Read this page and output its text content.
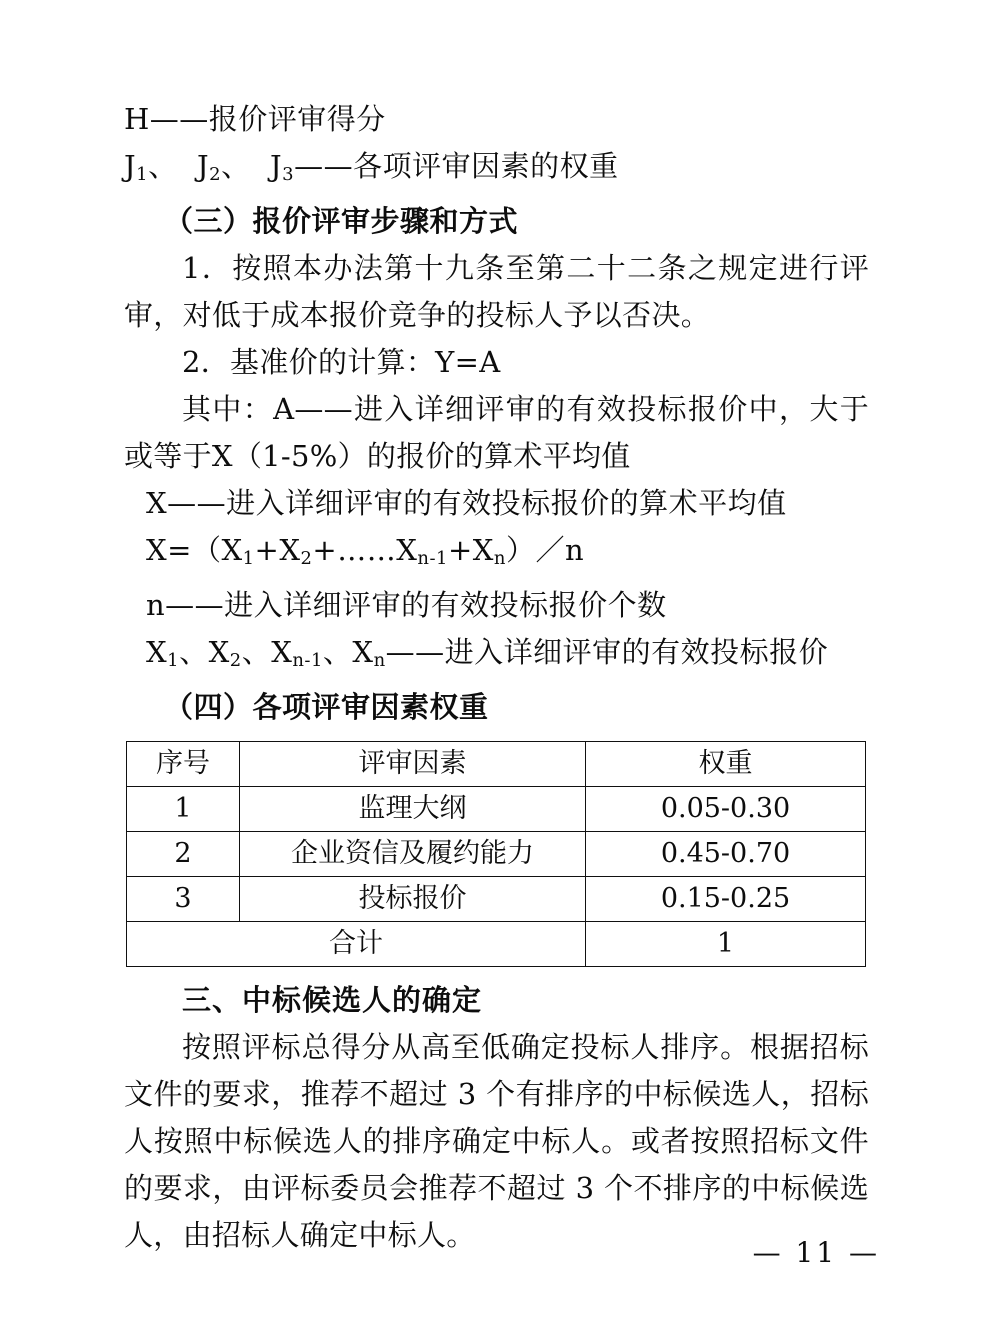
H——报价评审得分
$J_1$、  $J_2$、  $J_3——$各项评审因素的权重
（三）报价评审步骤和方式
1．按照本办法第十九条至第二十二条之规定进行评审，对低于成本报价竞争的投标人予以否决。
2．基准价的计算：Y=A
其中：A——进入详细评审的有效投标报价中，大于或等于X（1-5%）的报价的算术平均值
X——进入详细评审的有效投标报价的算术平均值
$X=(X_1+X_2+\dots\dots X_{n-1}+X_n)/n$
n——进入详细评审的有效投标报价个数
$X_1$、$X_2$、$X_{n-1}$、$X_n——$进入详细评审的有效投标报价
（四）各项评审因素权重
序号	评审因素	权重
1	监理大纲	0.05-0.30
2	企业资信及履约能力	0.45-0.70
3	投标报价	0.15-0.25
合计		1
三、中标候选人的确定
按照评标总得分从高至低确定投标人排序。根据招标文件的要求，推荐不超过 3 个有排序的中标候选人，招标人按照中标候选人的排序确定中标人。或者按照招标文件的要求，由评标委员会推荐不超过 3 个不排序的中标候选人，由招标人确定中标人。
— 11 —
